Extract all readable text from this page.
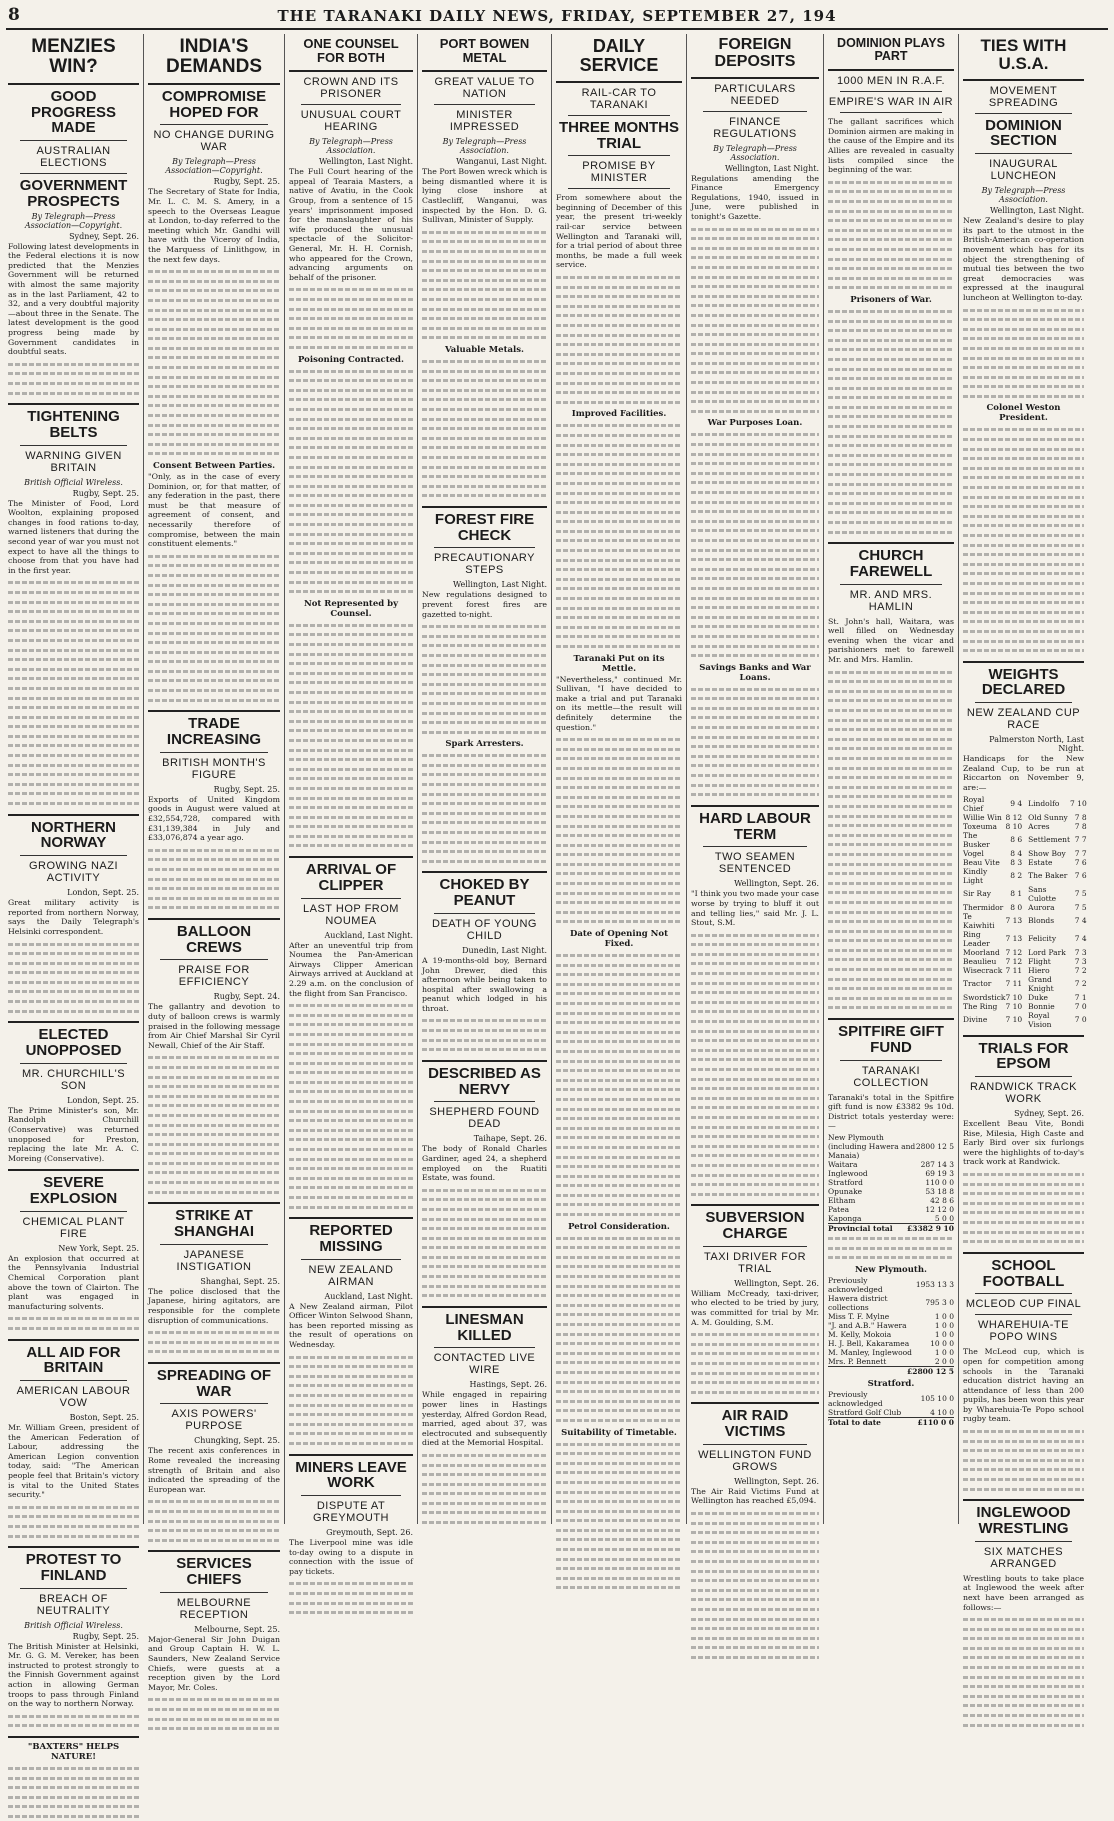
8	THE TARANAKI DAILY NEWS, FRIDAY, SEPTEMBER 27, 194
MENZIES WIN?
GOOD PROGRESS MADE
AUSTRALIAN ELECTIONS
GOVERNMENT PROSPECTS
By Telegraph—Press Association—Copyright.
Sydney, Sept. 26.
Following latest developments in the Federal elections it is now predicted that the Menzies Government will be returned with almost the same majority as in the last Parliament, 42 to 32, and a very doubtful majority—about three in the Senate. The latest development is the good progress being made by Government candidates in doubtful seats.
TIGHTENING BELTS
WARNING GIVEN BRITAIN
British Official Wireless.
Rugby, Sept. 25.
The Minister of Food, Lord Woolton, explaining proposed changes in food rations to-day, warned listeners that during the second year of war you must not expect to have all the things to choose from that you have had in the first year.
NORTHERN NORWAY
GROWING NAZI ACTIVITY
London, Sept. 25.
Great military activity is reported from northern Norway, says the Daily Telegraph's Helsinki correspondent.
ELECTED UNOPPOSED
MR. CHURCHILL'S SON
London, Sept. 25.
The Prime Minister's son, Mr. Randolph Churchill (Conservative) was returned unopposed for Preston, replacing the late Mr. A. C. Moreing (Conservative).
SEVERE EXPLOSION
CHEMICAL PLANT FIRE
New York, Sept. 25.
An explosion that occurred at the Pennsylvania Industrial Chemical Corporation plant above the town of Clairton. The plant was engaged in manufacturing solvents.
ALL AID FOR BRITAIN
AMERICAN LABOUR VOW
Boston, Sept. 25.
Mr. William Green, president of the American Federation of Labour, addressing the American Legion convention today, said: "The American people feel that Britain's victory is vital to the United States security."
PROTEST TO FINLAND
BREACH OF NEUTRALITY
British Official Wireless.
Rugby, Sept. 25.
The British Minister at Helsinki, Mr. G. G. M. Vereker, has been instructed to protest strongly to the Finnish Government against action in allowing German troops to pass through Finland on the way to northern Norway.
"BAXTERS" HELPS NATURE!
INDIA'S DEMANDS
COMPROMISE HOPED FOR
NO CHANGE DURING WAR
By Telegraph—Press Association—Copyright.
Rugby, Sept. 25.
The Secretary of State for India, Mr. L. C. M. S. Amery, in a speech to the Overseas League at London, to-day referred to the meeting which Mr. Gandhi will have with the Viceroy of India, the Marquess of Linlithgow, in the next few days.
Consent Between Parties.
"Only, as in the case of every Dominion, or, for that matter, of any federation in the past, there must be that measure of agreement of consent, and necessarily therefore of compromise, between the main constituent elements."
TRADE INCREASING
BRITISH MONTH'S FIGURE
Rugby, Sept. 25.
Exports of United Kingdom goods in August were valued at £32,554,728, compared with £31,139,384 in July and £33,076,874 a year ago.
BALLOON CREWS
PRAISE FOR EFFICIENCY
Rugby, Sept. 24.
The gallantry and devotion to duty of balloon crews is warmly praised in the following message from Air Chief Marshal Sir Cyril Newall, Chief of the Air Staff.
STRIKE AT SHANGHAI
JAPANESE INSTIGATION
Shanghai, Sept. 25.
The police disclosed that the Japanese, hiring agitators, are responsible for the complete disruption of communications.
SPREADING OF WAR
AXIS POWERS' PURPOSE
Chungking, Sept. 25.
The recent axis conferences in Rome revealed the increasing strength of Britain and also indicated the spreading of the European war.
SERVICES CHIEFS
MELBOURNE RECEPTION
Melbourne, Sept. 25.
Major-General Sir John Duigan and Group Captain H. W. L. Saunders, New Zealand Service Chiefs, were guests at a reception given by the Lord Mayor, Mr. Coles.
ONE COUNSEL FOR BOTH
CROWN AND ITS PRISONER
UNUSUAL COURT HEARING
By Telegraph—Press Association.
Wellington, Last Night.
The Full Court hearing of the appeal of Tearaia Masters, a native of Avatiu, in the Cook Group, from a sentence of 15 years' imprisonment imposed for the manslaughter of his wife produced the unusual spectacle of the Solicitor-General, Mr. H. H. Cornish, who appeared for the Crown, advancing arguments on behalf of the prisoner.
Poisoning Contracted.
Not Represented by Counsel.
ARRIVAL OF CLIPPER
LAST HOP FROM NOUMEA
Auckland, Last Night.
After an uneventful trip from Noumea the Pan-American Airways Clipper American Airways arrived at Auckland at 2.29 a.m. on the conclusion of the flight from San Francisco.
REPORTED MISSING
NEW ZEALAND AIRMAN
Auckland, Last Night.
A New Zealand airman, Pilot Officer Winton Selwood Shann, has been reported missing as the result of operations on Wednesday.
MINERS LEAVE WORK
DISPUTE AT GREYMOUTH
Greymouth, Sept. 26.
The Liverpool mine was idle to-day owing to a dispute in connection with the issue of pay tickets.
PORT BOWEN METAL
GREAT VALUE TO NATION
MINISTER IMPRESSED
By Telegraph—Press Association.
Wanganui, Last Night.
The Port Bowen wreck which is being dismantled where it is lying close inshore at Castlecliff, Wanganui, was inspected by the Hon. D. G. Sullivan, Minister of Supply.
Valuable Metals.
FOREST FIRE CHECK
PRECAUTIONARY STEPS
Wellington, Last Night.
New regulations designed to prevent forest fires are gazetted to-night.
Spark Arresters.
CHOKED BY PEANUT
DEATH OF YOUNG CHILD
Dunedin, Last Night.
A 19-months-old boy, Bernard John Drewer, died this afternoon while being taken to hospital after swallowing a peanut which lodged in his throat.
DESCRIBED AS NERVY
SHEPHERD FOUND DEAD
Taihape, Sept. 26.
The body of Ronald Charles Gardiner, aged 24, a shepherd employed on the Ruatiti Estate, was found.
LINESMAN KILLED
CONTACTED LIVE WIRE
Hastings, Sept. 26.
While engaged in repairing power lines in Hastings yesterday, Alfred Gordon Read, married, aged about 37, was electrocuted and subsequently died at the Memorial Hospital.
DAILY SERVICE
RAIL-CAR TO TARANAKI
THREE MONTHS TRIAL
PROMISE BY MINISTER
From somewhere about the beginning of December of this year, the present tri-weekly rail-car service between Wellington and Taranaki will, for a trial period of about three months, be made a full week service.
Improved Facilities.
Taranaki Put on its Mettle.
"Nevertheless," continued Mr. Sullivan, "I have decided to make a trial and put Taranaki on its mettle—the result will definitely determine the question."
Date of Opening Not Fixed.
Petrol Consideration.
Suitability of Timetable.
FOREIGN DEPOSITS
PARTICULARS NEEDED
FINANCE REGULATIONS
By Telegraph—Press Association.
Wellington, Last Night.
Regulations amending the Finance Emergency Regulations, 1940, issued in June, were published in tonight's Gazette.
War Purposes Loan.
Savings Banks and War Loans.
HARD LABOUR TERM
TWO SEAMEN SENTENCED
Wellington, Sept. 26.
"I think you two made your case worse by trying to bluff it out and telling lies," said Mr. J. L. Stout, S.M.
SUBVERSION CHARGE
TAXI DRIVER FOR TRIAL
Wellington, Sept. 26.
William McCready, taxi-driver, who elected to be tried by jury, was committed for trial by Mr. A. M. Goulding, S.M.
AIR RAID VICTIMS
WELLINGTON FUND GROWS
Wellington, Sept. 26.
The Air Raid Victims Fund at Wellington has reached £5,094.
DOMINION PLAYS PART
1000 MEN IN R.A.F.
EMPIRE'S WAR IN AIR
The gallant sacrifices which Dominion airmen are making in the cause of the Empire and its Allies are revealed in casualty lists compiled since the beginning of the war.
Prisoners of War.
CHURCH FAREWELL
MR. AND MRS. HAMLIN
St. John's hall, Waitara, was well filled on Wednesday evening when the vicar and parishioners met to farewell Mr. and Mrs. Hamlin.
SPITFIRE GIFT FUND
TARANAKI COLLECTION
Taranaki's total in the Spitfire gift fund is now £3382 9s 10d. District totals yesterday were:—
New Plymouth (including Hawera and Manaia)	2800 12 5
Waitara	287 14 3
Inglewood	69 19 3
Stratford	110 0 0
Opunake	53 18 8
Eltham	42 8 6
Patea	12 12 0
Kaponga	5 0 0
Provincial total	£3382 9 10
New Plymouth.
Previously acknowledged	1953 13 3
Hawera district collections	795 3 0
Miss T. F. Mylne	1 0 0
"J. and A.B." Hawera	1 0 0
M. Kelly, Mokoia	1 0 0
H. J. Bell, Kakaramea	10 0 0
M. Manley, Inglewood	1 0 0
Mrs. P. Bennett	2 0 0
	£2800 12 5
Stratford.
Previously acknowledged	105 10 0
Stratford Golf Club	4 10 0
Total to date	£110 0 0
TIES WITH U.S.A.
MOVEMENT SPREADING
DOMINION SECTION
INAUGURAL LUNCHEON
By Telegraph—Press Association.
Wellington, Last Night.
New Zealand's desire to play its part to the utmost in the British-American co-operation movement which has for its object the strengthening of mutual ties between the two great democracies was expressed at the inaugural luncheon at Wellington to-day.
Colonel Weston President.
WEIGHTS DECLARED
NEW ZEALAND CUP RACE
Palmerston North, Last Night.
Handicaps for the New Zealand Cup, to be run at Riccarton on November 9, are:—
Royal Chief	9 4	Lindolfo	7 10
Willie Win	8 12	Old Sunny	7 8
Toxeuma	8 10	Acres	7 8
The Busker	8 6	Settlement	7 7
Vogel	8 4	Show Boy	7 7
Beau Vite	8 3	Estate	7 6
Kindly Light	8 2	The Baker	7 6
Sir Ray	8 1	Sans Culotte	7 5
Thermidor	8 0	Aurora	7 5
Te Kaiwhiti	7 13	Blonds	7 4
Ring Leader	7 13	Felicity	7 4
Moorland	7 12	Lord Park	7 3
Beaulieu	7 12	Flight	7 3
Wisecrack	7 11	Hiero	7 2
Tractor	7 11	Grand Knight	7 2
Swordstick	7 10	Duke	7 1
The Ring	7 10	Bonnie	7 0
Divine	7 10	Royal Vision	7 0
TRIALS FOR EPSOM
RANDWICK TRACK WORK
Sydney, Sept. 26.
Excellent Beau Vite, Bondi Rise, Milesia, High Caste and Early Bird over six furlongs were the highlights of to-day's track work at Randwick.
SCHOOL FOOTBALL
MCLEOD CUP FINAL
WHAREHUIA-TE POPO WINS
The McLeod cup, which is open for competition among schools in the Taranaki education district having an attendance of less than 200 pupils, has been won this year by Wharehuia-Te Popo school rugby team.
INGLEWOOD WRESTLING
SIX MATCHES ARRANGED
Wrestling bouts to take place at Inglewood the week after next have been arranged as follows:—
